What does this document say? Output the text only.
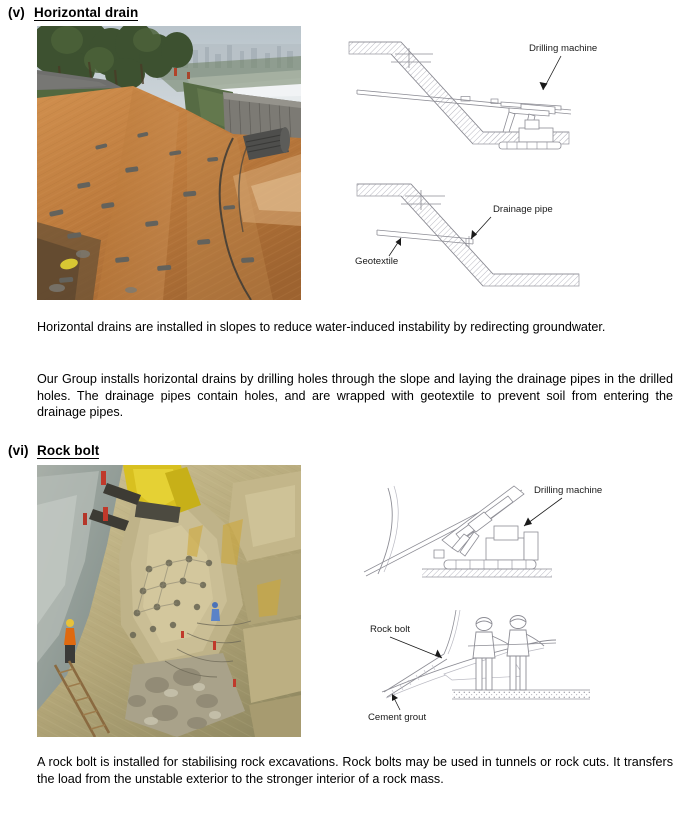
(v) Horizontal drain
Drilling machine
Drainage pipe
Geotextile
Horizontal drains are installed in slopes to reduce water-induced instability by redirecting groundwater.
Our Group installs horizontal drains by drilling holes through the slope and laying the drainage pipes in the drilled holes. The drainage pipes contain holes, and are wrapped with geotextile to prevent soil from entering the drainage pipes.
(vi) Rock bolt
Drilling machine
Rock bolt
Cement grout
A rock bolt is installed for stabilising rock excavations. Rock bolts may be used in tunnels or rock cuts. It transfers the load from the unstable exterior to the stronger interior of a rock mass.
